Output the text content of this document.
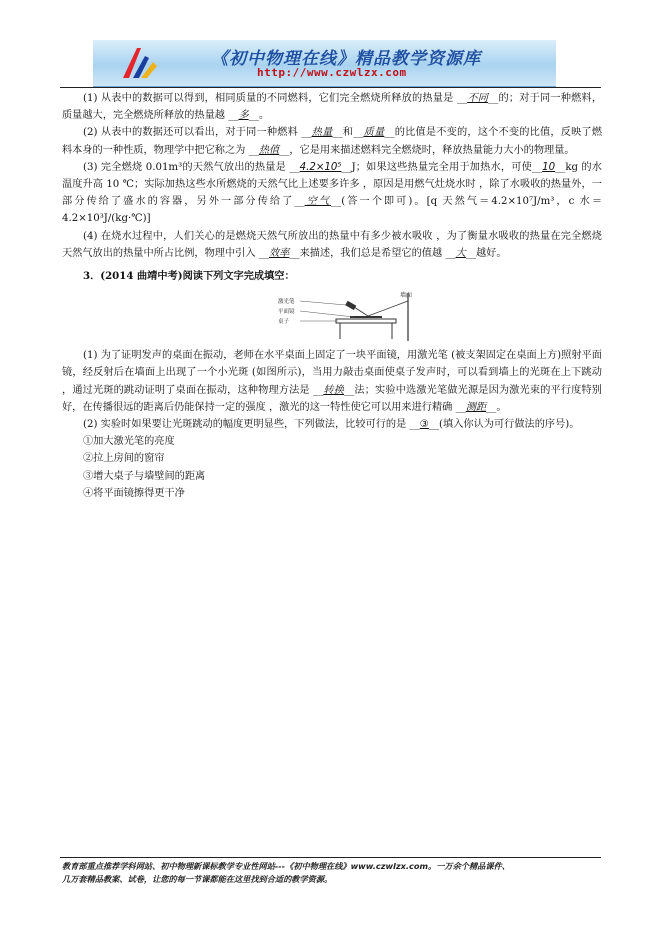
《初中物理在线》精品教学资源库
http://www.czwlzx.com

(1) 从表中的数据可以得到，相同质量的不同燃料，它们完全燃烧所释放的热量是 __不同__的；对于同一种燃料，质量越大，完全燃烧所释放的热量越 __多__。

(2) 从表中的数据还可以看出，对于同一种燃料 __热量__和__质量__的比值是不变的，这个不变的比值，反映了燃料本身的一种性质，物理学中把它称之为 __热值__，它是用来描述燃料完全燃烧时，释放热量能力大小的物理量。

(3) 完全燃烧 0.01m³的天然气放出的热量是 __4.2×10⁵__J；如果这些热量完全用于加热水，可使__10__kg 的水温度升高 10 ℃；实际加热这些水所燃烧的天然气比上述要多许多 ，原因是用燃气灶烧水时 ，除了水吸收的热量外，一部分传给了盛水的容器，另外一部分传给了__空气__(答一个即可)。[q 天然气＝4.2×10⁷J/m³，c 水＝4.2×10³J/(kg·℃)]

(4) 在烧水过程中，人们关心的是燃烧天然气所放出的热量中有多少被水吸收 ，为了衡量水吸收的热量在完全燃烧天然气放出的热量中所占比例，物理中引入 __效率__来描述，我们总是希望它的值越 __大__越好。

3．(2014 曲靖中考)阅读下列文字完成填空：

墙面
激光笔
平面镜
桌子

(1) 为了证明发声的桌面在振动，老师在水平桌面上固定了一块平面镜，用激光笔 (被支架固定在桌面上方)照射平面镜，经反射后在墙面上出现了一个小光斑 (如图所示)，当用力敲击桌面使桌子发声时，可以看到墙上的光斑在上下跳动 ，通过光斑的跳动证明了桌面在振动，这种物理方法是 __转换__法；实验中选激光笔做光源是因为激光束的平行度特别好，在传播很远的距离后仍能保持一定的强度 ，激光的这一特性使它可以用来进行精确 __测距__。

(2) 实验时如果要让光斑跳动的幅度更明显些，下列做法，比较可行的是 __③__(填入你认为可行做法的序号)。

①加大激光笔的亮度

②拉上房间的窗帘

③增大桌子与墙壁间的距离

④将平面镜擦得更干净

教育部重点推荐学科网站、初中物理新课标教学专业性网站---《初中物理在线》www.czwlzx.com。一万余个精品课件、
几万套精品教案、试卷，让您的每一节课都能在这里找到合适的教学资源。
